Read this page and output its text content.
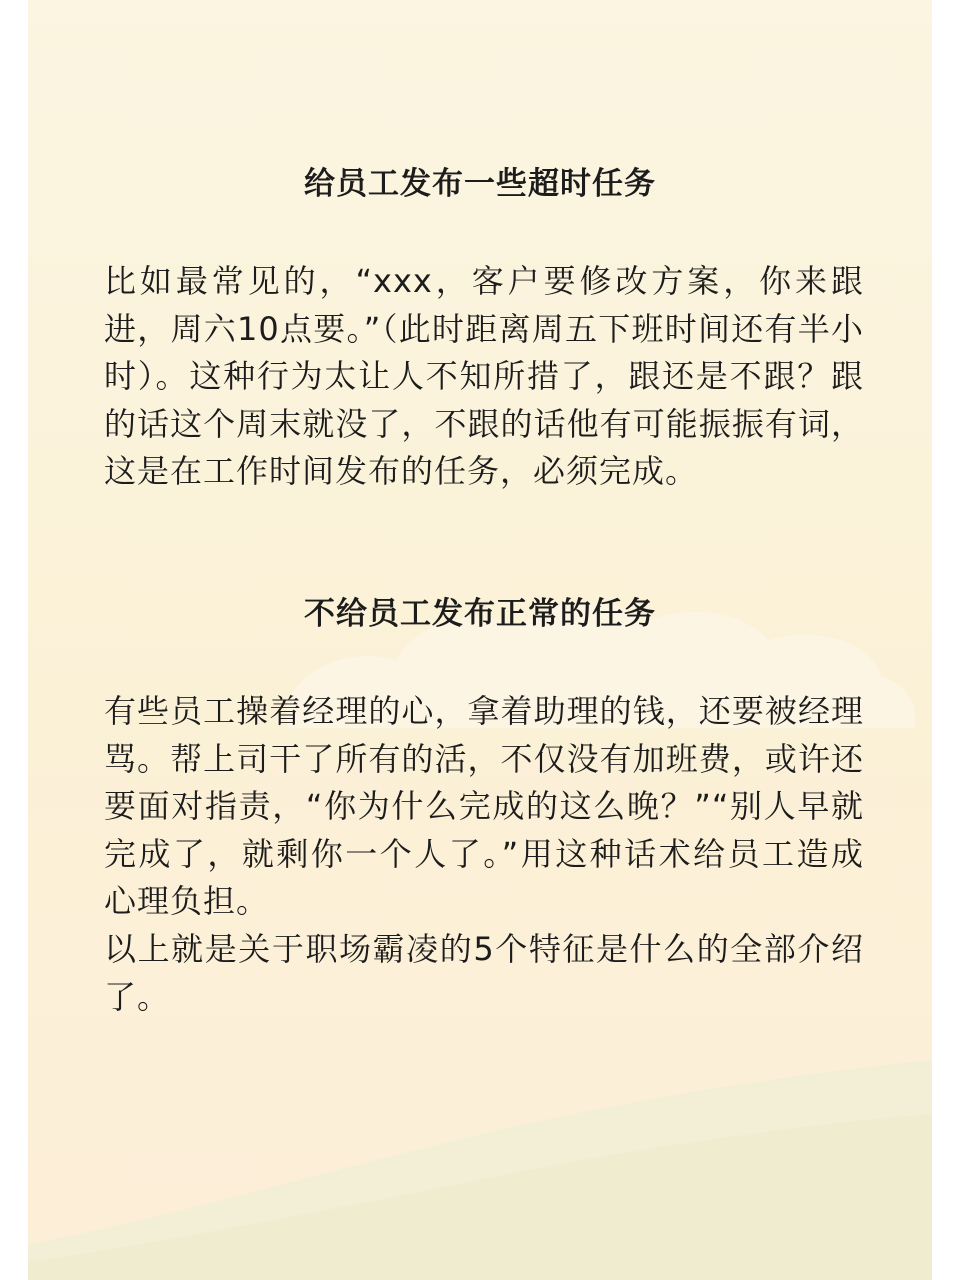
给员工发布一些超时任务

比如最常见的，“xxx，客户要修改方案，你来跟进，周六10点要。”（此时距离周五下班时间还有半小时）。这种行为太让人不知所措了，跟还是不跟？跟的话这个周末就没了，不跟的话他有可能振振有词，这是在工作时间发布的任务，必须完成。

不给员工发布正常的任务

有些员工操着经理的心，拿着助理的钱，还要被经理骂。帮上司干了所有的活，不仅没有加班费，或许还要面对指责，“你为什么完成的这么晚？”“别人早就完成了，就剩你一个人了。”用这种话术给员工造成心理负担。

以上就是关于职场霸凌的5个特征是什么的全部介绍了。
